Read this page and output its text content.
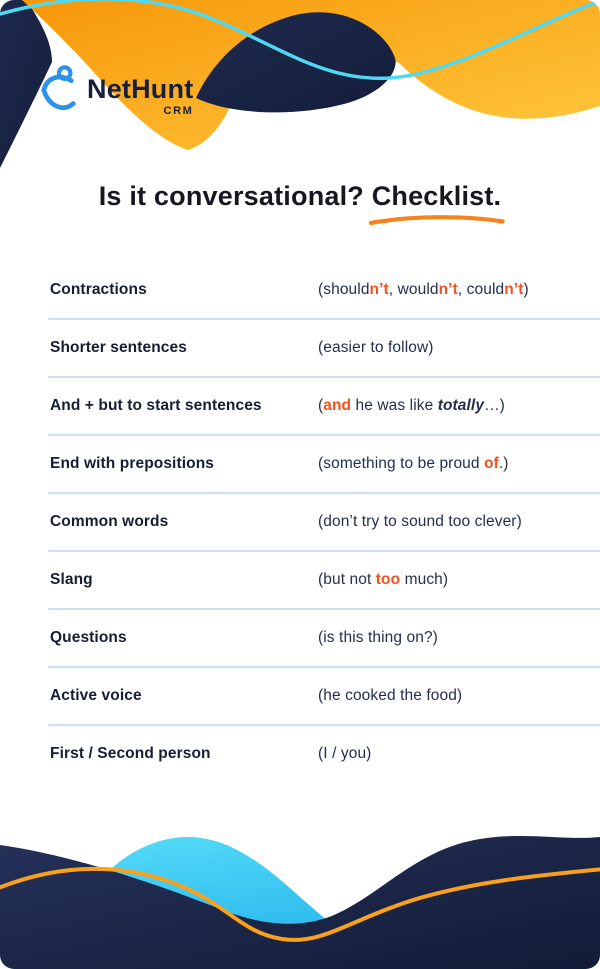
NetHunt
CRM
Is it conversational? Checklist.
Contractions	(shouldn’t, wouldn’t, couldn’t)
Shorter sentences	(easier to follow)
And + but to start sentences	(and he was like totally…)
End with prepositions	(something to be proud of.)
Common words	(don’t try to sound too clever)
Slang	(but not too much)
Questions	(is this thing on?)
Active voice	(he cooked the food)
First / Second person	(I / you)
